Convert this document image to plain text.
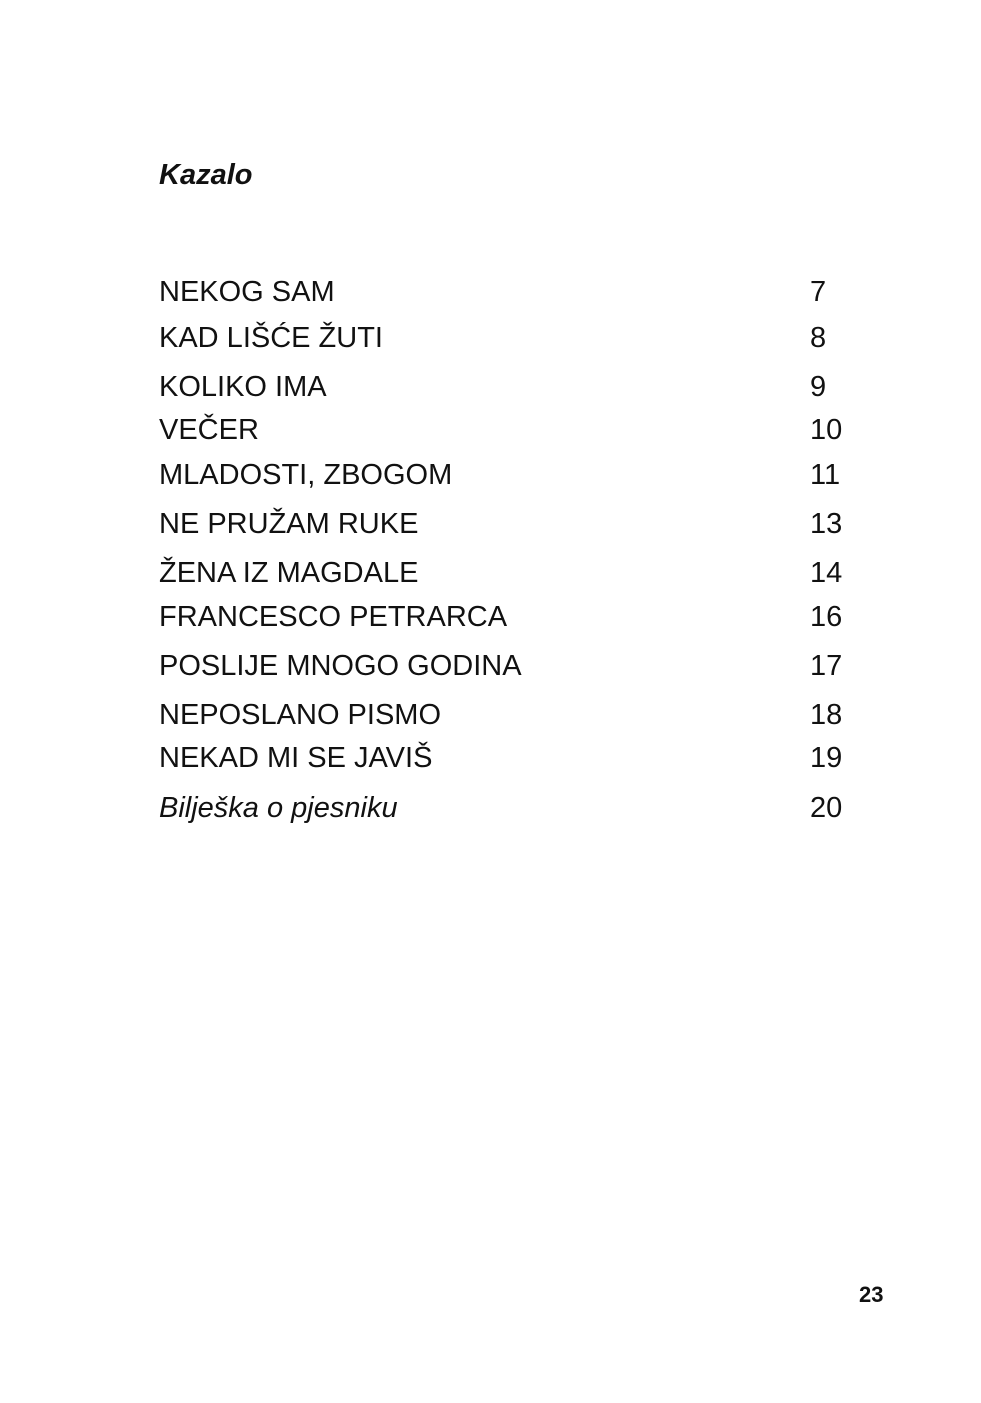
Kazalo
NEKOG SAM	7
KAD LIŠĆE ŽUTI	8
KOLIKO IMA	9
VEČER	10
MLADOSTI, ZBOGOM	11
NE PRUŽAM RUKE	13
ŽENA IZ MAGDALE	14
FRANCESCO PETRARCA	16
POSLIJE MNOGO GODINA	17
NEPOSLANO PISMO	18
NEKAD MI SE JAVIŠ	19
Bilješka o pjesniku	20
23
